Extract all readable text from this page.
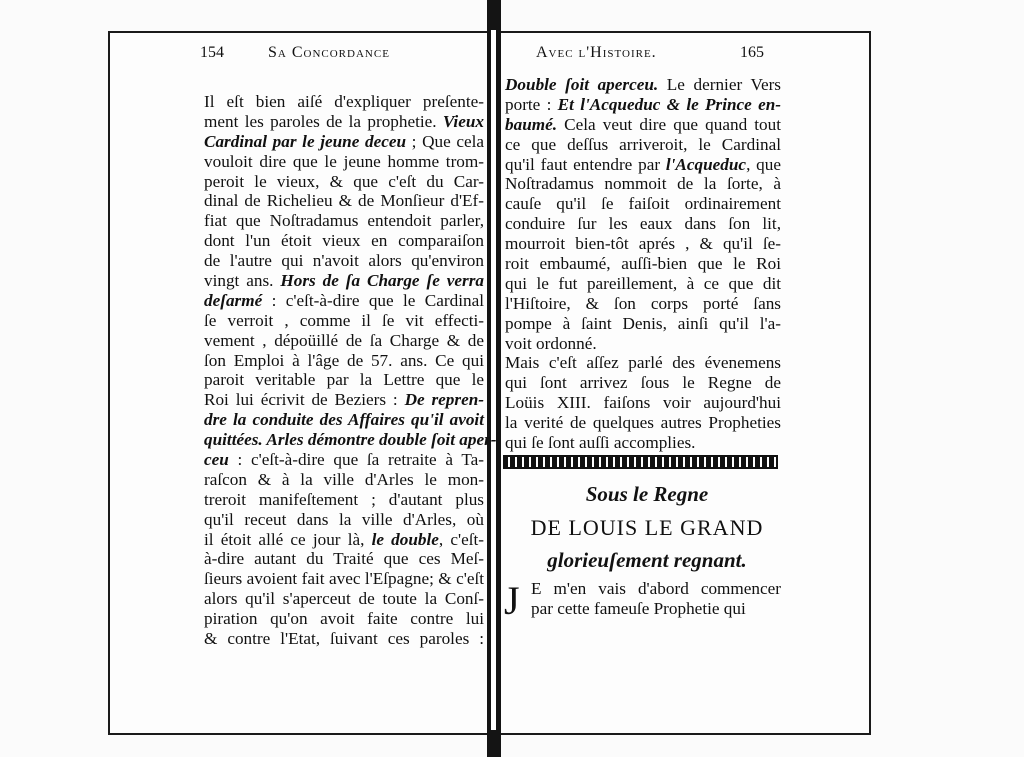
154	Sa Concordance	Avec l'Histoire.	165
Il eſt bien aiſé d'expliquer preſente-
ment les paroles de la prophetie. Vieux
Cardinal par le jeune deceu ; Que cela
vouloit dire que le jeune homme trom-
peroit le vieux, & que c'eſt du Car-
dinal de Richelieu & de Monſieur d'Ef-
fiat que Noſtradamus entendoit parler,
dont l'un étoit vieux en comparaiſon
de l'autre qui n'avoit alors qu'environ
vingt ans. Hors de ſa Charge ſe verra
deſarmé : c'eſt-à-dire que le Cardinal
ſe verroit , comme il ſe vit effecti-
vement , dépoüillé de ſa Charge & de
ſon Emploi à l'âge de 57. ans. Ce qui
paroit veritable par la Lettre que le
Roi lui écrivit de Beziers : De repren-
dre la conduite des Affaires qu'il avoit
quittées. Arles démontre double ſoit aper-
ceu : c'eſt-à-dire que ſa retraite à Ta-
raſcon & à la ville d'Arles le mon-
treroit manifeſtement ; d'autant plus
qu'il receut dans la ville d'Arles, où
il étoit allé ce jour là, le double, c'eſt-
à-dire autant du Traité que ces Meſ-
ſieurs avoient fait avec l'Eſpagne; & c'eſt
alors qu'il s'aperceut de toute la Conſ-
piration qu'on avoit faite contre lui
& contre l'Etat, ſuivant ces paroles :
Double ſoit aperceu. Le dernier Vers
porte : Et l'Acqueduc & le Prince en-
baumé. Cela veut dire que quand tout
ce que deſſus arriveroit, le Cardinal
qu'il faut entendre par l'Acqueduc, que
Noſtradamus nommoit de la ſorte, à
cauſe qu'il ſe faiſoit ordinairement
conduire ſur les eaux dans ſon lit,
mourroit bien-tôt aprés , & qu'il ſe-
roit embaumé, auſſi-bien que le Roi
qui le fut pareillement, à ce que dit
l'Hiſtoire, & ſon corps porté ſans
pompe à ſaint Denis, ainſi qu'il l'a-
voit ordonné.
Mais c'eſt aſſez parlé des évenemens
qui ſont arrivez ſous le Regne de
Loüis XIII. faiſons voir aujourd'hui
la verité de quelques autres Propheties
qui ſe ſont auſſi accomplies.
Sous le Regne
DE LOUIS LE GRAND
glorieuſement regnant.
J E m'en vais d'abord commencer
par cette fameuſe Prophetie qui
